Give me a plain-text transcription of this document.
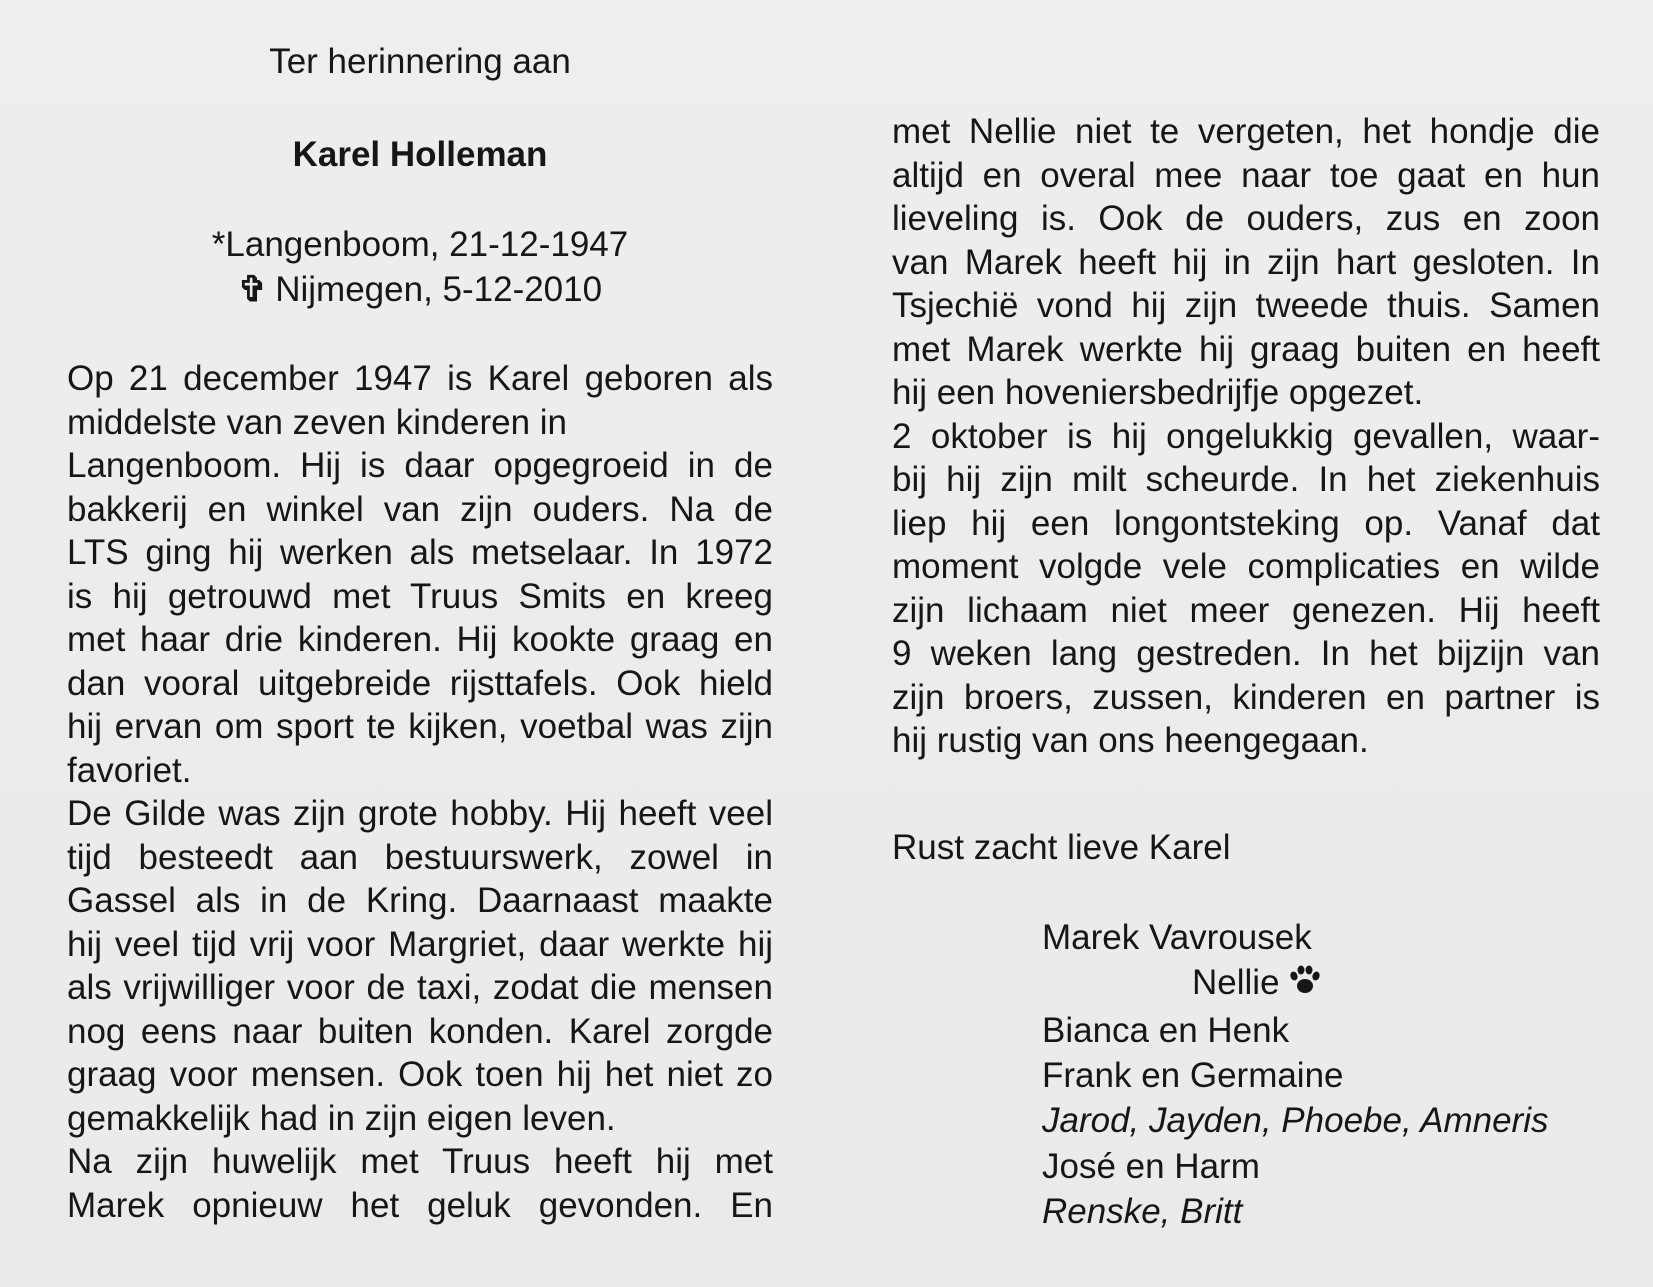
Ter herinnering aan
Karel Holleman
*Langenboom, 21-12-1947
✞ Nijmegen, 5-12-2010

Op 21 december 1947 is Karel geboren als

middelste van zeven kinderen in

Langenboom. Hij is daar opgegroeid in de

bakkerij en winkel van zijn ouders. Na de

LTS ging hij werken als metselaar. In 1972

is hij getrouwd met Truus Smits en kreeg

met haar drie kinderen. Hij kookte graag en

dan vooral uitgebreide rijsttafels. Ook hield

hij ervan om sport te kijken, voetbal was zijn

favoriet.

De Gilde was zijn grote hobby. Hij heeft veel

tijd besteedt aan bestuurswerk, zowel in

Gassel als in de Kring. Daarnaast maakte

hij veel tijd vrij voor Margriet, daar werkte hij

als vrijwilliger voor de taxi, zodat die mensen

nog eens naar buiten konden. Karel zorgde

graag voor mensen. Ook toen hij het niet zo

gemakkelijk had in zijn eigen leven.

Na zijn huwelijk met Truus heeft hij met

Marek opnieuw het geluk gevonden. En

met Nellie niet te vergeten, het hondje die

altijd en overal mee naar toe gaat en hun

lieveling is. Ook de ouders, zus en zoon

van Marek heeft hij in zijn hart gesloten. In

Tsjechië vond hij zijn tweede thuis. Samen

met Marek werkte hij graag buiten en heeft

hij een hoveniersbedrijfje opgezet.

2 oktober is hij ongelukkig gevallen, waar-

bij hij zijn milt scheurde. In het ziekenhuis

liep hij een longontsteking op. Vanaf dat

moment volgde vele complicaties en wilde

zijn lichaam niet meer genezen. Hij heeft

9 weken lang gestreden. In het bijzijn van

zijn broers, zussen, kinderen en partner is

hij rustig van ons heengegaan.

Rust zacht lieve Karel
Marek Vavrousek
Nellie
Bianca en Henk
Frank en Germaine
Jarod, Jayden, Phoebe, Amneris
José en Harm
Renske, Britt
